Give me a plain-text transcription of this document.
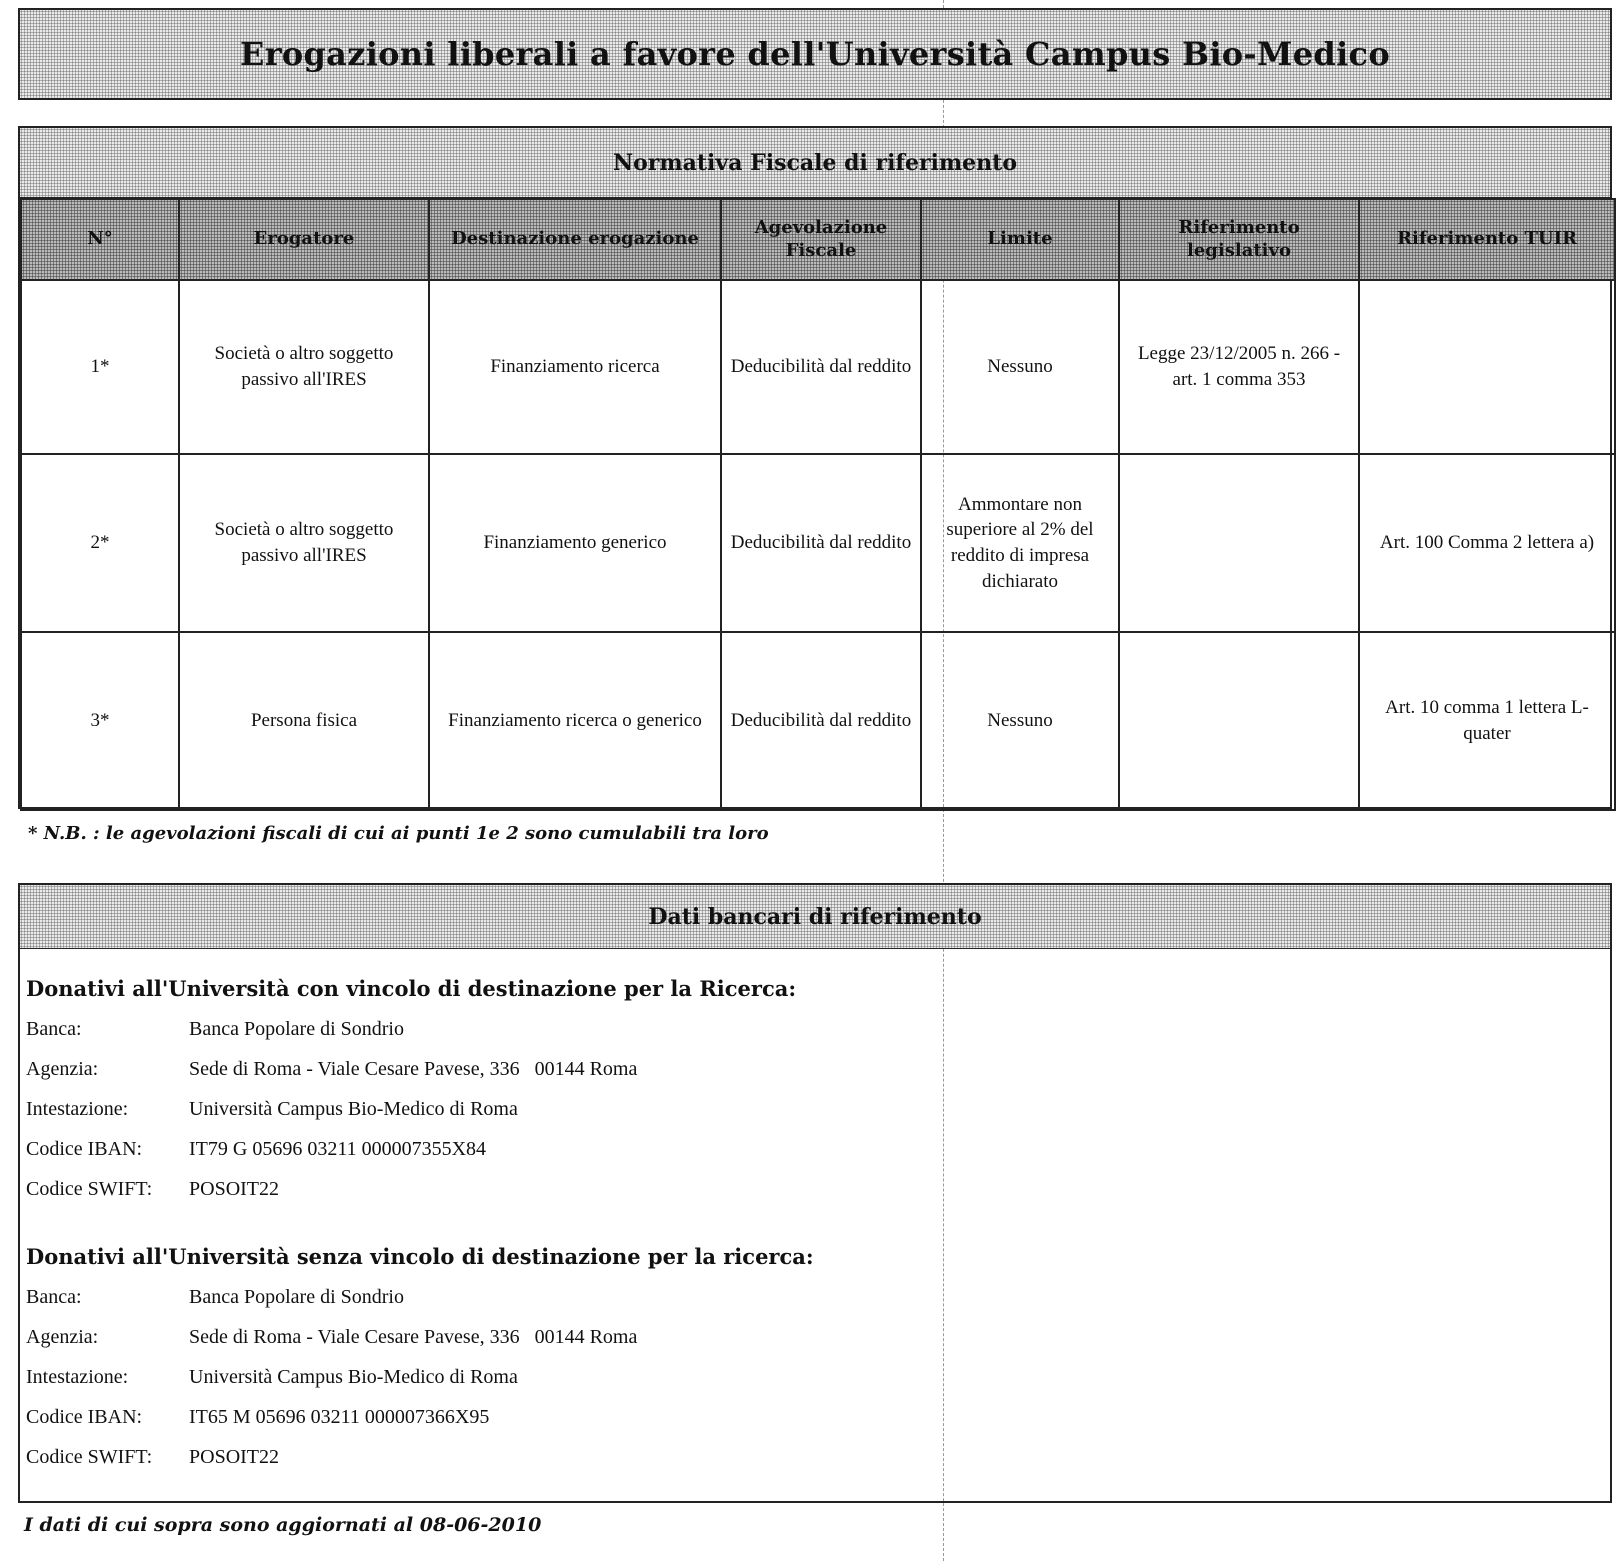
Erogazioni liberali a favore dell'Università Campus Bio-Medico
Normativa Fiscale di riferimento
N°	Erogatore	Destinazione erogazione	Agevolazione Fiscale	Limite	Riferimento legislativo	Riferimento TUIR
1*	Società o altro soggetto passivo all'IRES	Finanziamento ricerca	Deducibilità dal reddito	Nessuno	Legge 23/12/2005 n. 266 - art. 1 comma 353	
2*	Società o altro soggetto passivo all'IRES	Finanziamento generico	Deducibilità dal reddito	Ammontare non superiore al 2% del reddito di impresa dichiarato		Art. 100 Comma 2 lettera a)
3*	Persona fisica	Finanziamento ricerca o generico	Deducibilità dal reddito	Nessuno		Art. 10 comma 1 lettera L-quater
* N.B. : le agevolazioni fiscali di cui ai punti 1e 2 sono cumulabili tra loro
Dati bancari di riferimento

Donativi all'Università con vincolo di destinazione per la Ricerca:

Banca:	Banca Popolare di Sondrio
Agenzia:	Sede di Roma - Viale Cesare Pavese, 336   00144 Roma
Intestazione:	Università Campus Bio-Medico di Roma
Codice IBAN:	IT79 G 05696 03211 000007355X84
Codice SWIFT:	POSOIT22

Donativi all'Università senza vincolo di destinazione per la ricerca:

Banca:	Banca Popolare di Sondrio
Agenzia:	Sede di Roma - Viale Cesare Pavese, 336   00144 Roma
Intestazione:	Università Campus Bio-Medico di Roma
Codice IBAN:	IT65 M 05696 03211 000007366X95
Codice SWIFT:	POSOIT22
I dati di cui sopra sono aggiornati al 08-06-2010
